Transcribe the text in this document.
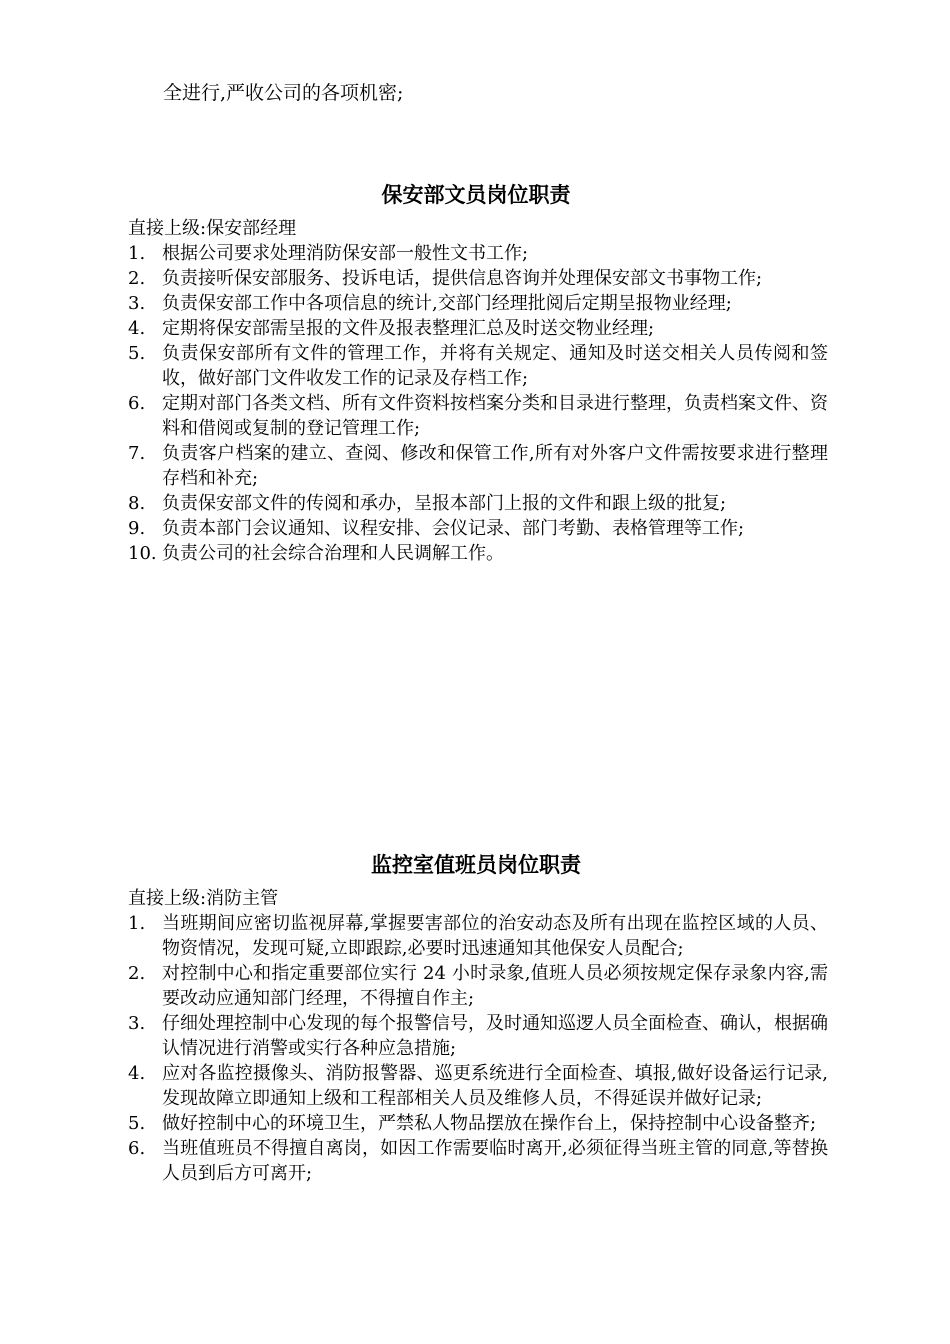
全进行,严收公司的各项机密;
保安部文员岗位职责

直接上级:保安部经理

1. 根据公司要求处理消防保安部一般性文书工作;
2. 负责接听保安部服务、投诉电话，提供信息咨询并处理保安部文书事物工作;
3. 负责保安部工作中各项信息的统计,交部门经理批阅后定期呈报物业经理;
4. 定期将保安部需呈报的文件及报表整理汇总及时送交物业经理;
5. 负责保安部所有文件的管理工作，并将有关规定、通知及时送交相关人员传阅和签收，做好部门文件收发工作的记录及存档工作;
6. 定期对部门各类文档、所有文件资料按档案分类和目录进行整理，负责档案文件、资料和借阅或复制的登记管理工作;
7. 负责客户档案的建立、查阅、修改和保管工作,所有对外客户文件需按要求进行整理存档和补充;
8. 负责保安部文件的传阅和承办，呈报本部门上报的文件和跟上级的批复;
9. 负责本部门会议通知、议程安排、会仪记录、部门考勤、表格管理等工作;
10. 负责公司的社会综合治理和人民调解工作。
监控室值班员岗位职责

直接上级:消防主管

1. 当班期间应密切监视屏幕,掌握要害部位的治安动态及所有出现在监控区域的人员、物资情况，发现可疑,立即跟踪,必要时迅速通知其他保安人员配合;
2. 对控制中心和指定重要部位实行 24 小时录象,值班人员必须按规定保存录象内容,需要改动应通知部门经理，不得擅自作主;
3. 仔细处理控制中心发现的每个报警信号，及时通知巡逻人员全面检查、确认，根据确认情况进行消警或实行各种应急措施;
4. 应对各监控摄像头、消防报警器、巡更系统进行全面检查、填报,做好设备运行记录,发现故障立即通知上级和工程部相关人员及维修人员，不得延误并做好记录;
5. 做好控制中心的环境卫生，严禁私人物品摆放在操作台上，保持控制中心设备整齐;
6. 当班值班员不得擅自离岗，如因工作需要临时离开,必须征得当班主管的同意,等替换人员到后方可离开;
